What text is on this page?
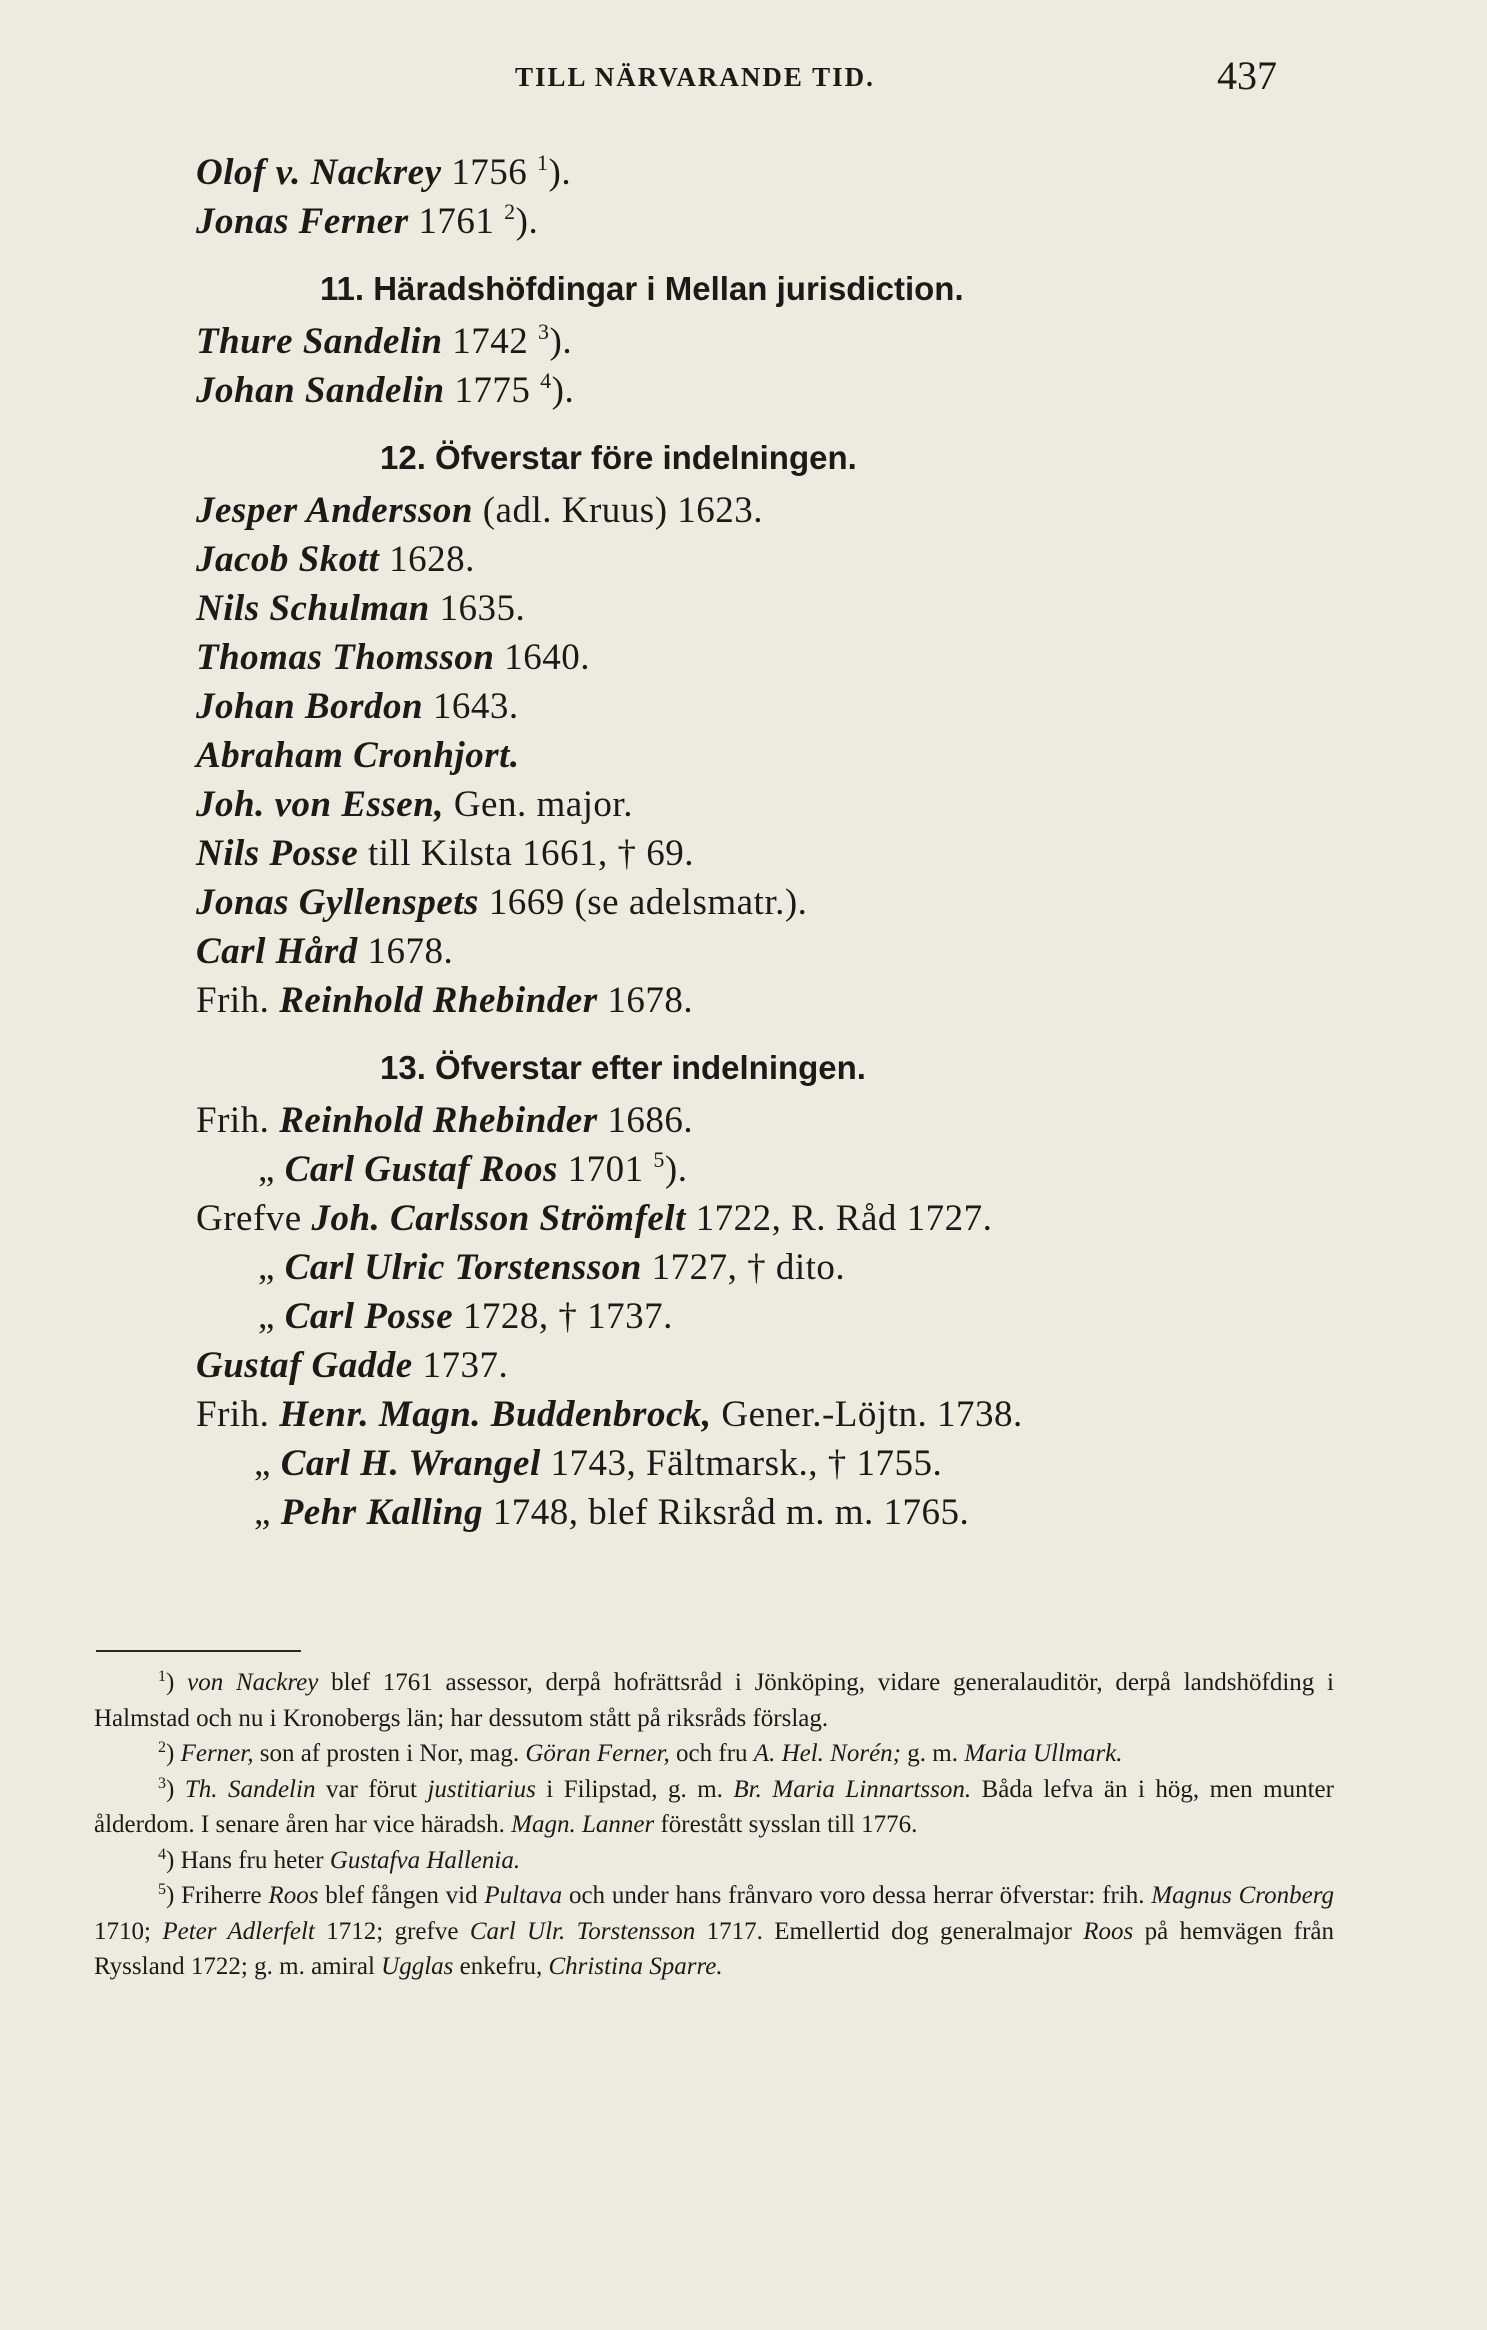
TILL NÄRVARANDE TID.	437
Olof v. Nackrey 1756 $^1$).
Jonas Ferner 1761 $^2$).
11. Häradshöfdingar i Mellan jurisdiction.
Thure Sandelin 1742 $^3$).
Johan Sandelin 1775 $^4$).
12. Öfverstar före indelningen.
Jesper Andersson (adl. Kruus) 1623.
Jacob Skott 1628.
Nils Schulman 1635.
Thomas Thomsson 1640.
Johan Bordon 1643.
Abraham Cronhjort.
Joh. von Essen, Gen. major.
Nils Posse till Kilsta 1661, † 69.
Jonas Gyllenspets 1669 (se adelsmatr.).
Carl Hård 1678.
Frih. Reinhold Rhebinder 1678.
13. Öfverstar efter indelningen.
Frih. Reinhold Rhebinder 1686.
„ Carl Gustaf Roos 1701 $^5$).
Grefve Joh. Carlsson Strömfelt 1722, R. Råd 1727.
„ Carl Ulric Torstensson 1727, † dito.
„ Carl Posse 1728, † 1737.
Gustaf Gadde 1737.
Frih. Henr. Magn. Buddenbrock, Gener.-Löjtn. 1738.
„ Carl H. Wrangel 1743, Fältmarsk., † 1755.
„ Pehr Kalling 1748, blef Riksråd m. m. 1765.

$^1$) von Nackrey blef 1761 assessor, derpå hofrättsråd i Jönköping, vidare generalauditör, derpå landshöfding i Halmstad och nu i Kronobergs län; har dessutom stått på riksråds förslag.

$^2$) Ferner, son af prosten i Nor, mag. Göran Ferner, och fru A. Hel. Norén; g. m. Maria Ullmark.

$^3$) Th. Sandelin var förut justitiarius i Filipstad, g. m. Br. Maria Linnartsson. Båda lefva än i hög, men munter ålderdom. I senare åren har vice häradsh. Magn. Lanner förestått sysslan till 1776.

$^4$) Hans fru heter Gustafva Hallenia.

$^5$) Friherre Roos blef fången vid Pultava och under hans frånvaro voro dessa herrar öfverstar: frih. Magnus Cronberg 1710; Peter Adlerfelt 1712; grefve Carl Ulr. Torstensson 1717. Emellertid dog generalmajor Roos på hemvägen från Ryssland 1722; g. m. amiral Ugglas enkefru, Christina Sparre.
